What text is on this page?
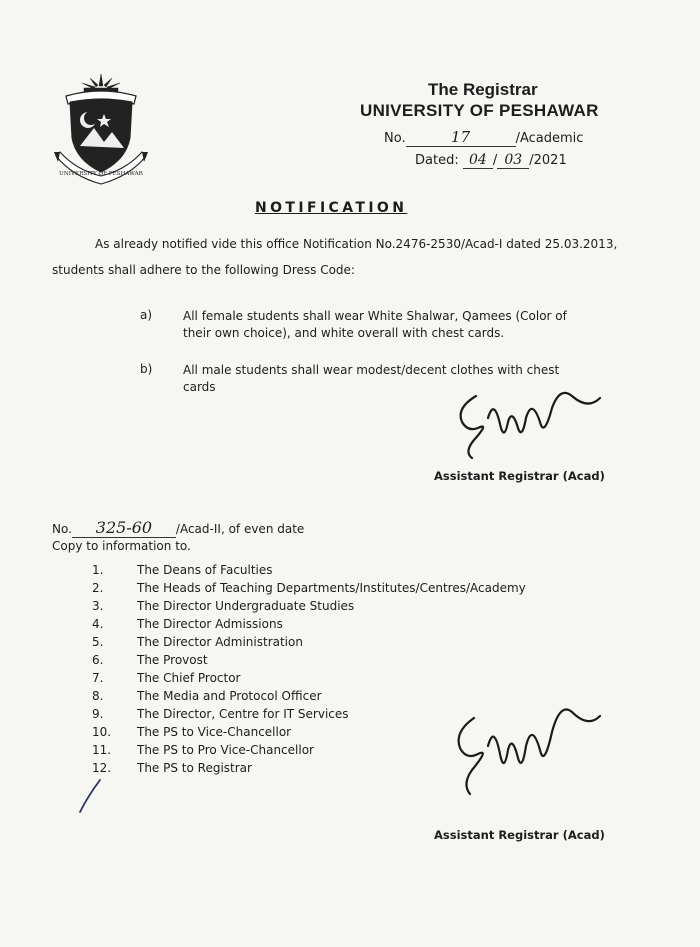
UNIVERSITY OF PESHAWAR
The Registrar
UNIVERSITY OF PESHAWAR
No.	17	/Academic
Dated: 04 / 03 /2021
NOTIFICATION
As already notified vide this office Notification No.2476-2530/Acad-I dated 25.03.2013,
students shall adhere to the following Dress Code:
a)	All female students shall wear White Shalwar, Qamees (Color of
their own choice), and white overall with chest cards.
b)	All male students shall wear modest/decent clothes with chest
cards
Assistant Registrar (Acad)
No. 325-60 /Acad-II, of even date
Copy to information to.
1.	The Deans of Faculties
2.	The Heads of Teaching Departments/Institutes/Centres/Academy
3.	The Director Undergraduate Studies
4.	The Director Admissions
5.	The Director Administration
6.	The Provost
7.	The Chief Proctor
8.	The Media and Protocol Officer
9.	The Director, Centre for IT Services
10. The PS to Vice-Chancellor
11. The PS to Pro Vice-Chancellor
12. The PS to Registrar
Assistant Registrar (Acad)
